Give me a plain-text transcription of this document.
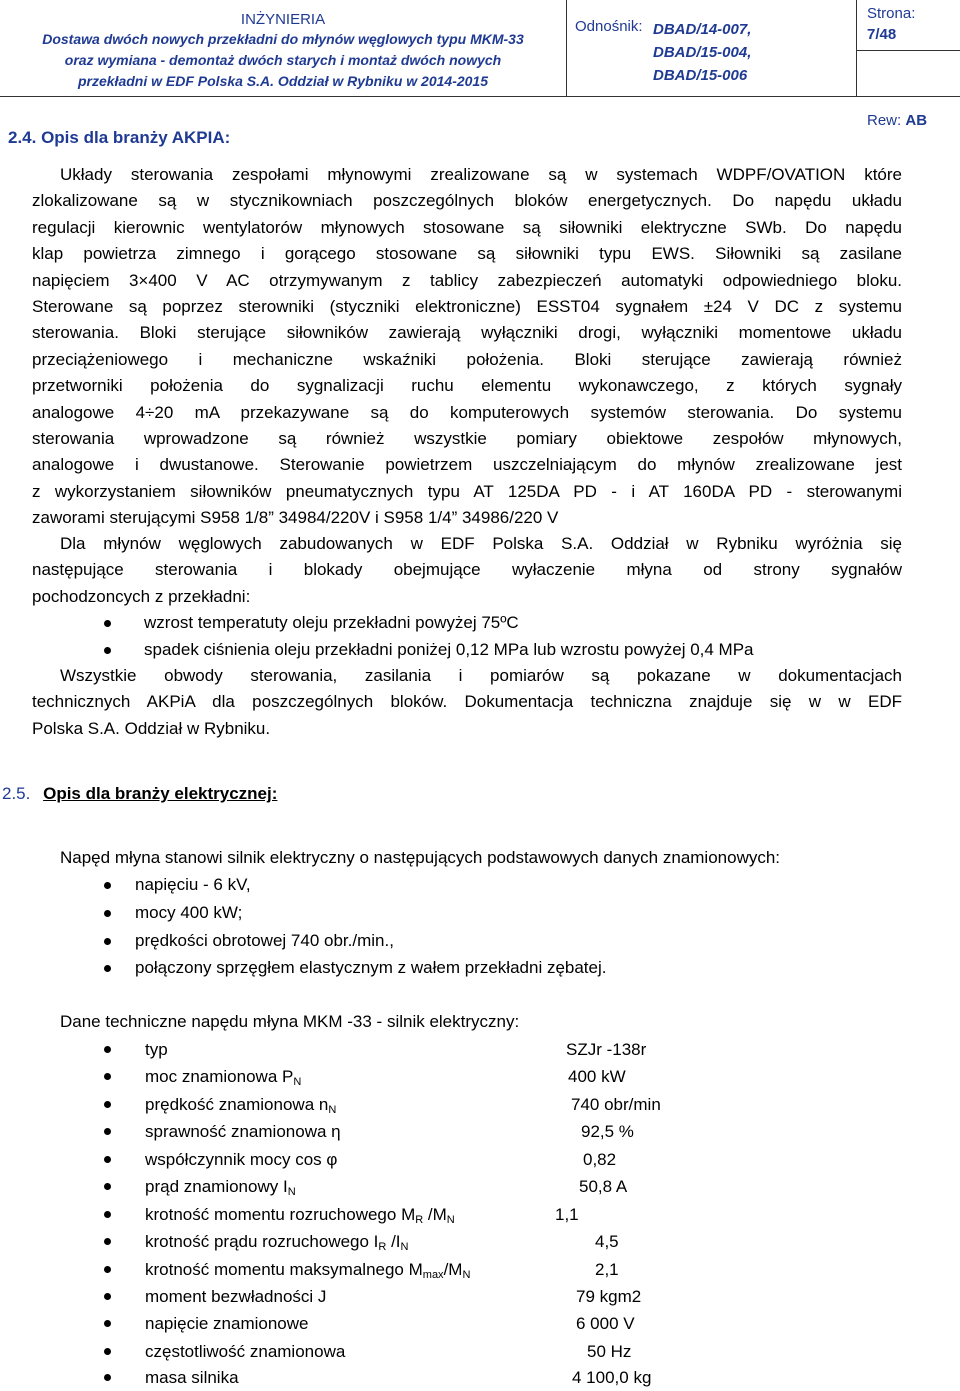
INŻYNIERIA
Dostawa dwóch nowych przekładni do młynów węglowych typu MKM-33
oraz wymiana - demontaż dwóch starych i montaż dwóch nowych
przekładni w EDF Polska S.A. Oddział w Rybniku w 2014-2015
Odnośnik: DBAD/14-007,
DBAD/15-004,
DBAD/15-006
Strona:
7/48
Rew: AB
2.4. Opis dla branży AKPIA:
Układy sterowania zespołami młynowymi zrealizowane są w systemach WDPF/OVATION które
zlokalizowane są w stycznikowniach poszczególnych bloków energetycznych. Do napędu układu
regulacji kierownic wentylatorów młynowych stosowane są siłowniki elektryczne SWb. Do napędu
klap powietrza zimnego i gorącego stosowane są siłowniki typu EWS. Siłowniki są zasilane
napięciem 3×400 V AC otrzymywanym z tablicy zabezpieczeń automatyki odpowiedniego bloku.
Sterowane są poprzez sterowniki (styczniki elektroniczne) ESST04 sygnałem ±24 V DC z systemu
sterowania. Bloki sterujące siłowników zawierają wyłączniki drogi, wyłączniki momentowe układu
przeciążeniowego i mechaniczne wskaźniki położenia. Bloki sterujące zawierają również
przetworniki położenia do sygnalizacji ruchu elementu wykonawczego, z których sygnały
analogowe 4÷20 mA przekazywane są do komputerowych systemów sterowania. Do systemu
sterowania wprowadzone są również wszystkie pomiary obiektowe zespołów młynowych,
analogowe i dwustanowe. Sterowanie powietrzem uszczelniającym do młynów zrealizowane jest
z wykorzystaniem siłowników pneumatycznych typu AT 125DA PD - i AT 160DA PD - sterowanymi
zaworami sterującymi S958 1/8” 34984/220V i S958 1/4” 34986/220 V
Dla młynów węglowych zabudowanych w EDF Polska S.A. Oddział w Rybniku wyróżnia się
następujące sterowania i blokady obejmujące wyłaczenie młyna od strony sygnałów
pochodzoncych z przekładni:
wzrost temperatuty oleju przekładni powyżej 75ºC
spadek ciśnienia oleju przekładni poniżej 0,12 MPa lub wzrostu powyżej 0,4 MPa
Wszystkie obwody sterowania, zasilania i pomiarów są pokazane w dokumentacjach
technicznych AKPiA dla poszczególnych bloków. Dokumentacja techniczna znajduje się w w EDF
Polska S.A. Oddział w Rybniku.
2.5. Opis dla branży elektrycznej:
Napęd młyna stanowi silnik elektryczny o następujących podstawowych danych znamionowych:
napięciu - 6 kV,
mocy 400 kW;
prędkości obrotowej 740 obr./min.,
połączony sprzęgłem elastycznym z wałem przekładni zębatej.
Dane techniczne napędu młyna MKM -33 - silnik elektryczny:
typ	SZJr -138r
moc znamionowa $P_N$	400 kW
prędkość znamionowa $n_N$	740 obr/min
sprawność znamionowa η	92,5 %
współczynnik mocy cos φ	0,82
prąd znamionowy $I_N$	50,8 A
krotność momentu rozruchowego $M_R$ $/M_N$	1,1
krotność prądu rozruchowego $I_R$ $/I_N$	4,5
krotność momentu maksymalnego $M_{max}/M_N$	2,1
moment bezwładności J	79 kgm2
napięcie znamionowe	6 000 V
częstotliwość znamionowa	50 Hz
masa silnika	4 100,0 kg
